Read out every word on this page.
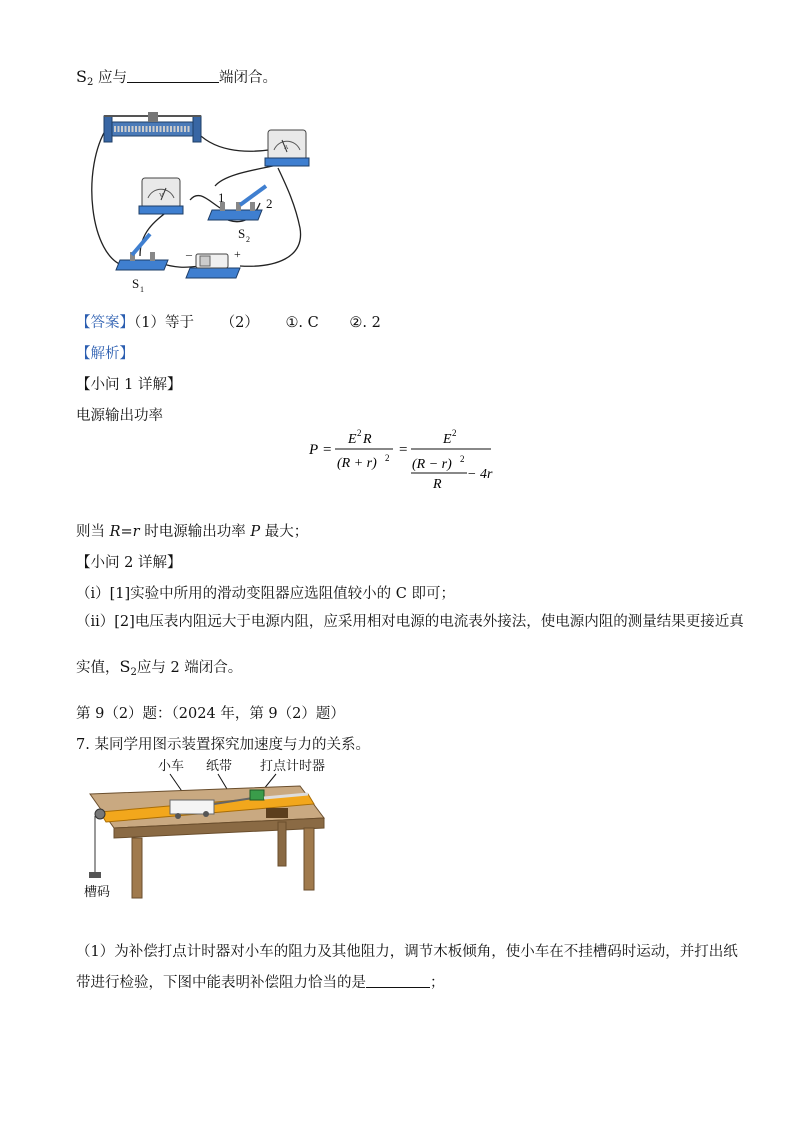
$S_2$ 应与	端闭合。
A
V	1	2
S 2
S 1
–	+
【答案】（1）等于 （2） ①. C ②. 2
【解析】
【小问 1 详解】
电源输出功率
P =
E 2 R
(R + r) 2 =
E 2
(R − r) 2
R
− 4r
则当 R=r 时电源输出功率 P 最大；
【小问 2 详解】
（i）[1]实验中所用的滑动变阻器应选阻值较小的 C 即可；
（ii）[2]电压表内阻远大于电源内阻，应采用相对电源的电流表外接法，使电源内阻的测量结果更接近真
实值，$S_2$应与 2 端闭合。
第 9（2）题：（2024 年，第 9（2）题）
7. 某同学用图示装置探究加速度与力的关系。
小车 纸带 打点计时器
槽码
（1）为补偿打点计时器对小车的阻力及其他阻力，调节木板倾角，使小车在不挂槽码时运动，并打出纸
带进行检验，下图中能表明补偿阻力恰当的是	；
